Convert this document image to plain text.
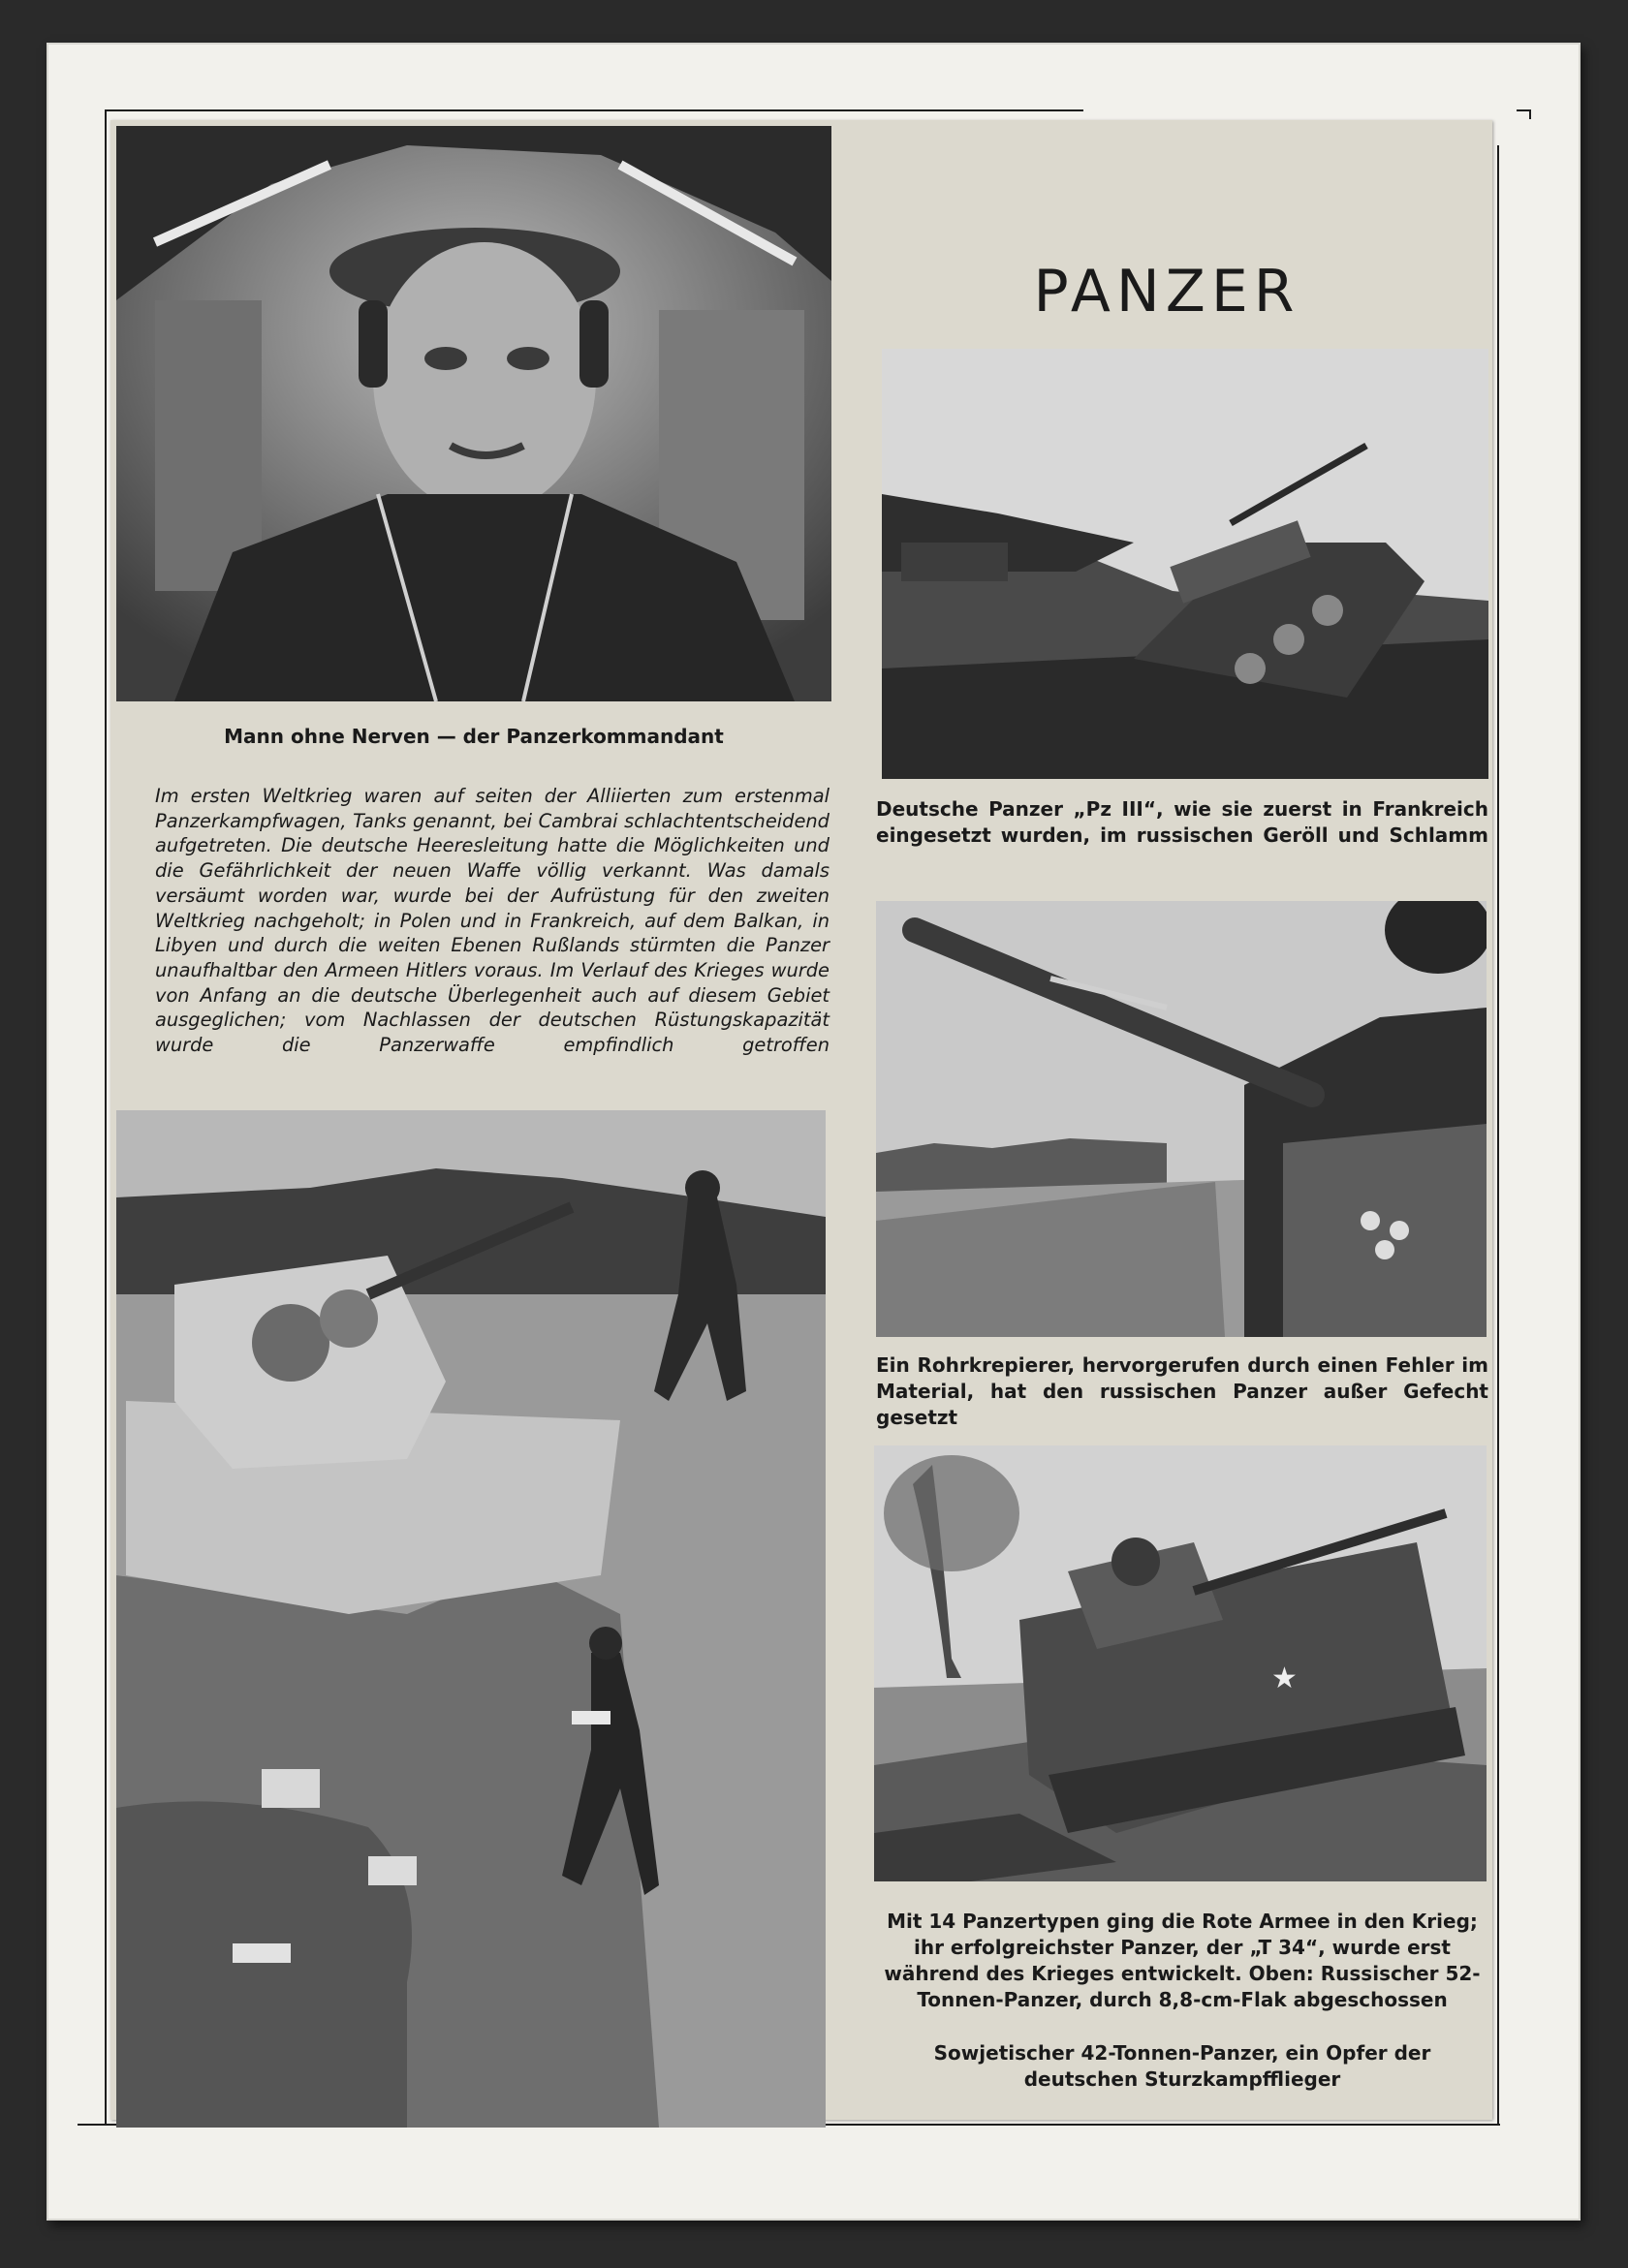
Mann ohne Nerven — der Panzerkommandant
Im ersten Weltkrieg waren auf seiten der Alliierten zum erstenmal Panzerkampfwagen, Tanks genannt, bei Cambrai schlachtentscheidend aufgetreten. Die deutsche Heeresleitung hatte die Möglichkeiten und die Gefährlichkeit der neuen Waffe völlig verkannt. Was damals versäumt worden war, wurde bei der Aufrüstung für den zweiten Weltkrieg nachgeholt; in Polen und in Frankreich, auf dem Balkan, in Libyen und durch die weiten Ebenen Rußlands stürmten die Panzer unaufhaltbar den Armeen Hitlers voraus. Im Verlauf des Krieges wurde von Anfang an die deutsche Überlegenheit auch auf diesem Gebiet ausgeglichen; vom Nachlassen der deutschen Rüstungskapazität wurde die Panzerwaffe empfindlich getroffen
PANZER
Deutsche Panzer „Pz III“, wie sie zuerst in Frankreich eingesetzt wurden, im russischen Geröll und Schlamm
Ein Rohrkrepierer, hervorgerufen durch einen Fehler im Material, hat den russischen Panzer außer Gefecht gesetzt
★
Mit 14 Panzertypen ging die Rote Armee in den Krieg; ihr erfolgreichster Panzer, der „T 34“, wurde erst während des Krieges entwickelt. Oben: Russischer 52-Tonnen-Panzer, durch 8,8-cm-Flak abgeschossen
Sowjetischer 42-Tonnen-Panzer, ein Opfer der deutschen Sturzkampfflieger
